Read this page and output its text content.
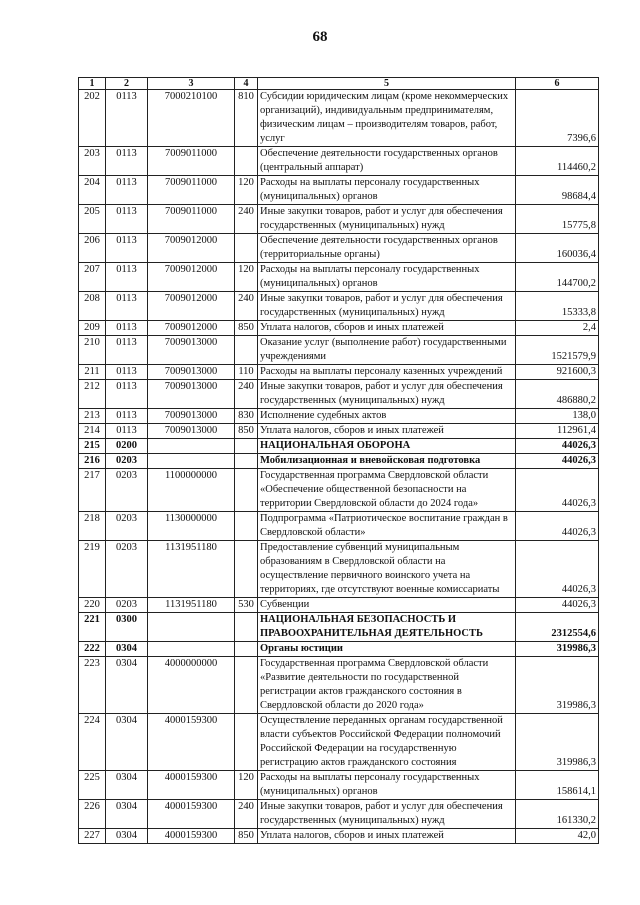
68
1	2	3	4	5	6
202	0113	7000210100	810	Субсидии юридическим лицам (кроме некоммерческих организаций), индивидуальным предпринимателям, физическим лицам – производителям товаров, работ, услуг	7396,6
203	0113	7009011000		Обеспечение деятельности государственных органов (центральный аппарат)	114460,2
204	0113	7009011000	120	Расходы на выплаты персоналу государственных (муниципальных) органов	98684,4
205	0113	7009011000	240	Иные закупки товаров, работ и услуг для обеспечения государственных (муниципальных) нужд	15775,8
206	0113	7009012000		Обеспечение деятельности государственных органов (территориальные органы)	160036,4
207	0113	7009012000	120	Расходы на выплаты персоналу государственных (муниципальных) органов	144700,2
208	0113	7009012000	240	Иные закупки товаров, работ и услуг для обеспечения государственных (муниципальных) нужд	15333,8
209	0113	7009012000	850	Уплата налогов, сборов и иных платежей	2,4
210	0113	7009013000		Оказание услуг (выполнение работ) государственными учреждениями	1521579,9
211	0113	7009013000	110	Расходы на выплаты персоналу казенных учреждений	921600,3
212	0113	7009013000	240	Иные закупки товаров, работ и услуг для обеспечения государственных (муниципальных) нужд	486880,2
213	0113	7009013000	830	Исполнение судебных актов	138,0
214	0113	7009013000	850	Уплата налогов, сборов и иных платежей	112961,4
215	0200			НАЦИОНАЛЬНАЯ ОБОРОНА	44026,3
216	0203			Мобилизационная и вневойсковая подготовка	44026,3
217	0203	1100000000		Государственная программа Свердловской области «Обеспечение общественной безопасности на территории Свердловской области до 2024 года»	44026,3
218	0203	1130000000		Подпрограмма «Патриотическое воспитание граждан в Свердловской области»	44026,3
219	0203	1131951180		Предоставление субвенций муниципальным образованиям в Свердловской области на осуществление первичного воинского учета на территориях, где отсутствуют военные комиссариаты	44026,3
220	0203	1131951180	530	Субвенции	44026,3
221	0300			НАЦИОНАЛЬНАЯ БЕЗОПАСНОСТЬ И ПРАВООХРАНИТЕЛЬНАЯ ДЕЯТЕЛЬНОСТЬ	2312554,6
222	0304			Органы юстиции	319986,3
223	0304	4000000000		Государственная программа Свердловской области «Развитие деятельности по государственной регистрации актов гражданского состояния в Свердловской области до 2020 года»	319986,3
224	0304	4000159300		Осуществление переданных органам государственной власти субъектов Российской Федерации полномочий Российской Федерации на государственную регистрацию актов гражданского состояния	319986,3
225	0304	4000159300	120	Расходы на выплаты персоналу государственных (муниципальных) органов	158614,1
226	0304	4000159300	240	Иные закупки товаров, работ и услуг для обеспечения государственных (муниципальных) нужд	161330,2
227	0304	4000159300	850	Уплата налогов, сборов и иных платежей	42,0
